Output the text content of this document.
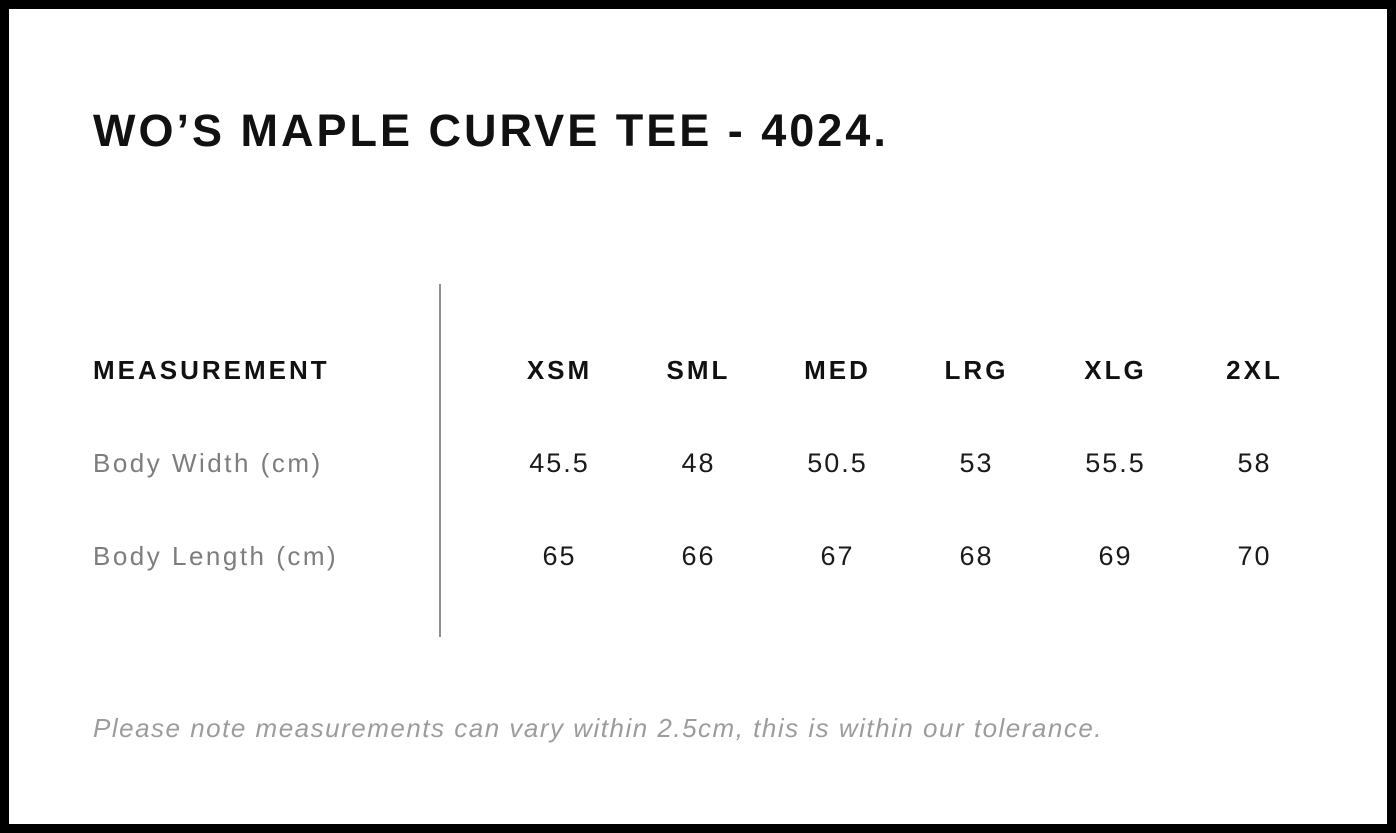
WO’S MAPLE CURVE TEE - 4024.
MEASUREMENT	XSM	SML	MED	LRG	XLG	2XL
Body Width (cm)	45.5	48	50.5	53	55.5	58
Body Length (cm)	65	66	67	68	69	70

Please note measurements can vary within 2.5cm, this is within our tolerance.
